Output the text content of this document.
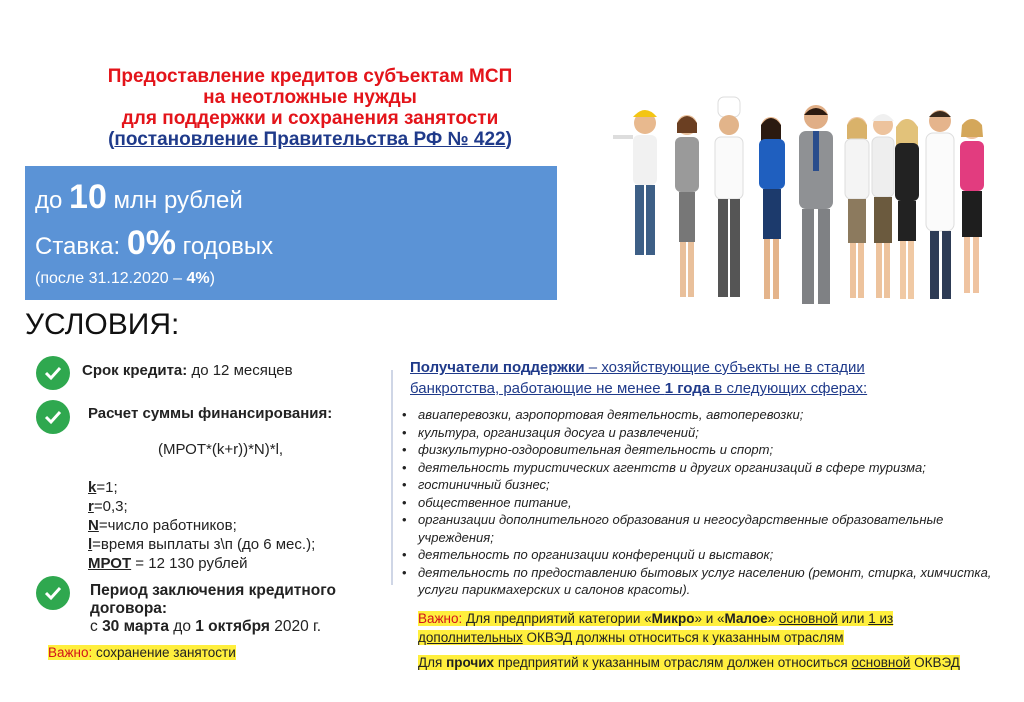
Предоставление кредитов субъектам МСП
на неотложные нужды
для поддержки и сохранения занятости
(постановление Правительства РФ № 422)
до 10 млн рублей
Ставка: 0% годовых
(после 31.12.2020 – 4%)
УСЛОВИЯ:
Срок кредита: до 12 месяцев
Расчет суммы финансирования:
(МРОТ*(k+r))*N)*l,
k=1;
r=0,3;
N=число работников;
l=время выплаты з\п (до 6 мес.);
МРОТ = 12 130 рублей
Период заключения кредитного
договора:
с 30 марта до 1 октября 2020 г.
Важно: сохранение занятости
Получатели поддержки – хозяйствующие субъекты не в стадии
банкротства, работающие не менее 1 года в следующих сферах:
• авиаперевозки, аэропортовая деятельность, автоперевозки;
• культура, организация досуга и развлечений;
• физкультурно-оздоровительная деятельность и спорт;
• деятельность туристических агентств и других организаций в сфере туризма;
• гостиничный бизнес;
• общественное питание,
• организации дополнительного образования и негосударственные образовательные учреждения;
• деятельность по организации конференций и выставок;
• деятельность по предоставлению бытовых услуг населению (ремонт, стирка, химчистка, услуги парикмахерских и салонов красоты).
Важно: Для предприятий категории «Микро» и «Малое» основной или 1 из
дополнительных ОКВЭД должны относиться к указанным отраслям
Для прочих предприятий к указанным отраслям должен относиться основной ОКВЭД
